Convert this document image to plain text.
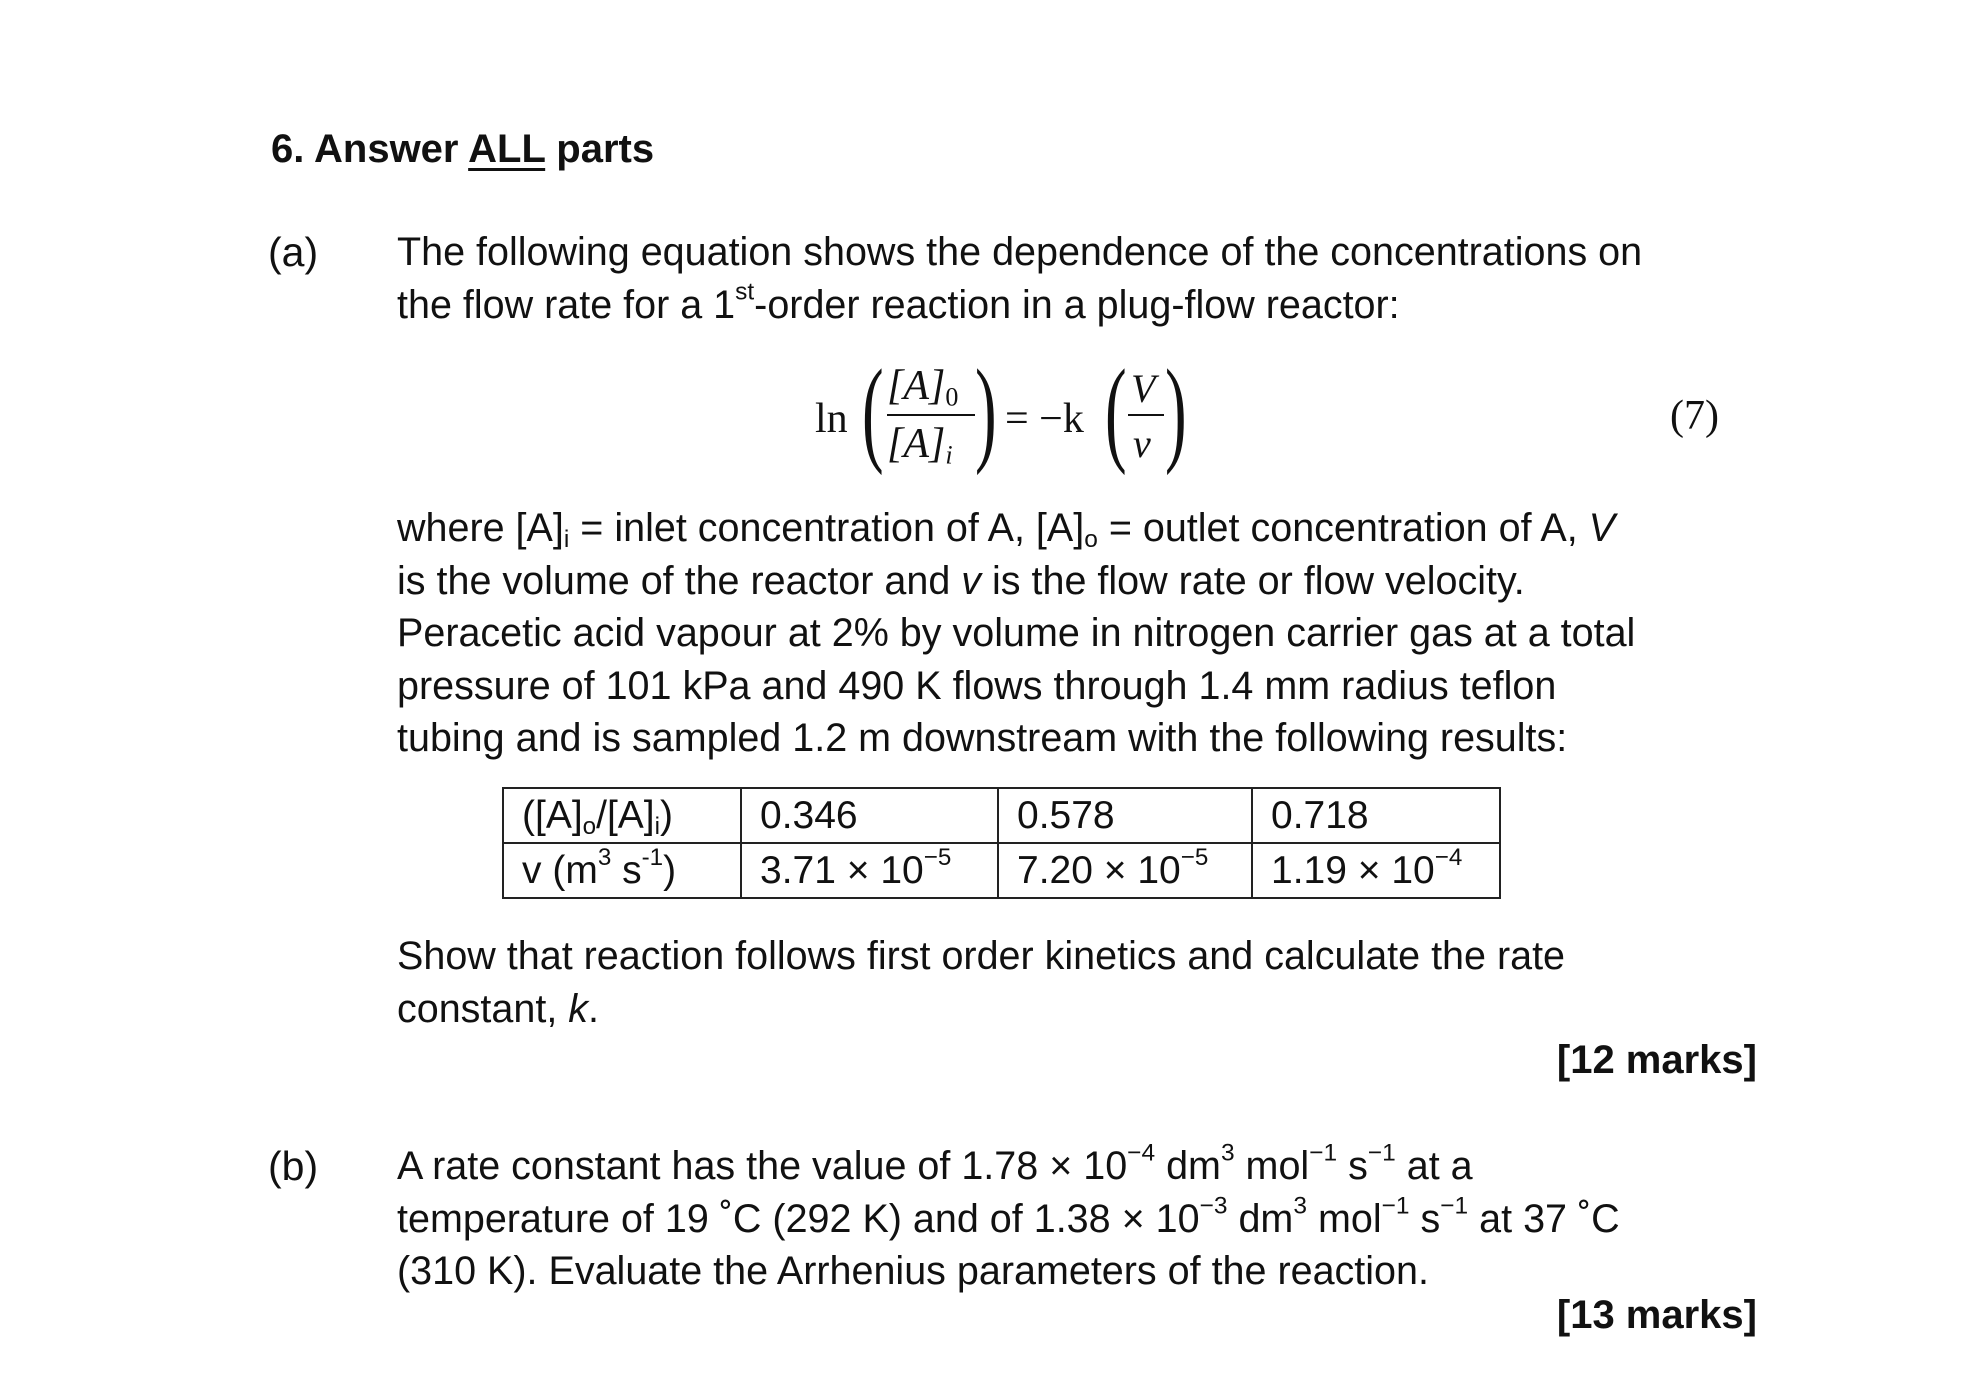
6. Answer ALL parts
(a) The following equation shows the dependence of the concentrations on
the flow rate for a 1st-order reaction in a plug-flow reactor:
ln ( $[A]_0$
$[A]_i$ ) = −k ( V
v )	(7)
where $[A]_i$ = inlet concentration of A, $[A]_o$ = outlet concentration of A, V
is the volume of the reactor and v is the flow rate or flow velocity.
Peracetic acid vapour at 2% by volume in nitrogen carrier gas at a total
pressure of 101 kPa and 490 K flows through 1.4 mm radius teflon
tubing and is sampled 1.2 m downstream with the following results:
$([A]_o/[A]_i)$	0.346	0.578	0.718
v ($m^3$ $s^{-1}$)	$3.71 \times 10^{-5}$	$7.20 \times 10^{-5}$	$1.19 \times 10^{-4}$
Show that reaction follows first order kinetics and calculate the rate
constant, k.
[12 marks]
(b) A rate constant has the value of $1.78 \times 10^{-4}$ $dm^3$ mol$^{-1}$ $s^{-1}$ at a
temperature of 19 ˚C (292 K) and of $1.38 \times 10^{-3}$ $dm^3$ mol$^{-1}$ $s^{-1}$ at 37 ˚C
(310 K). Evaluate the Arrhenius parameters of the reaction.
[13 marks]
